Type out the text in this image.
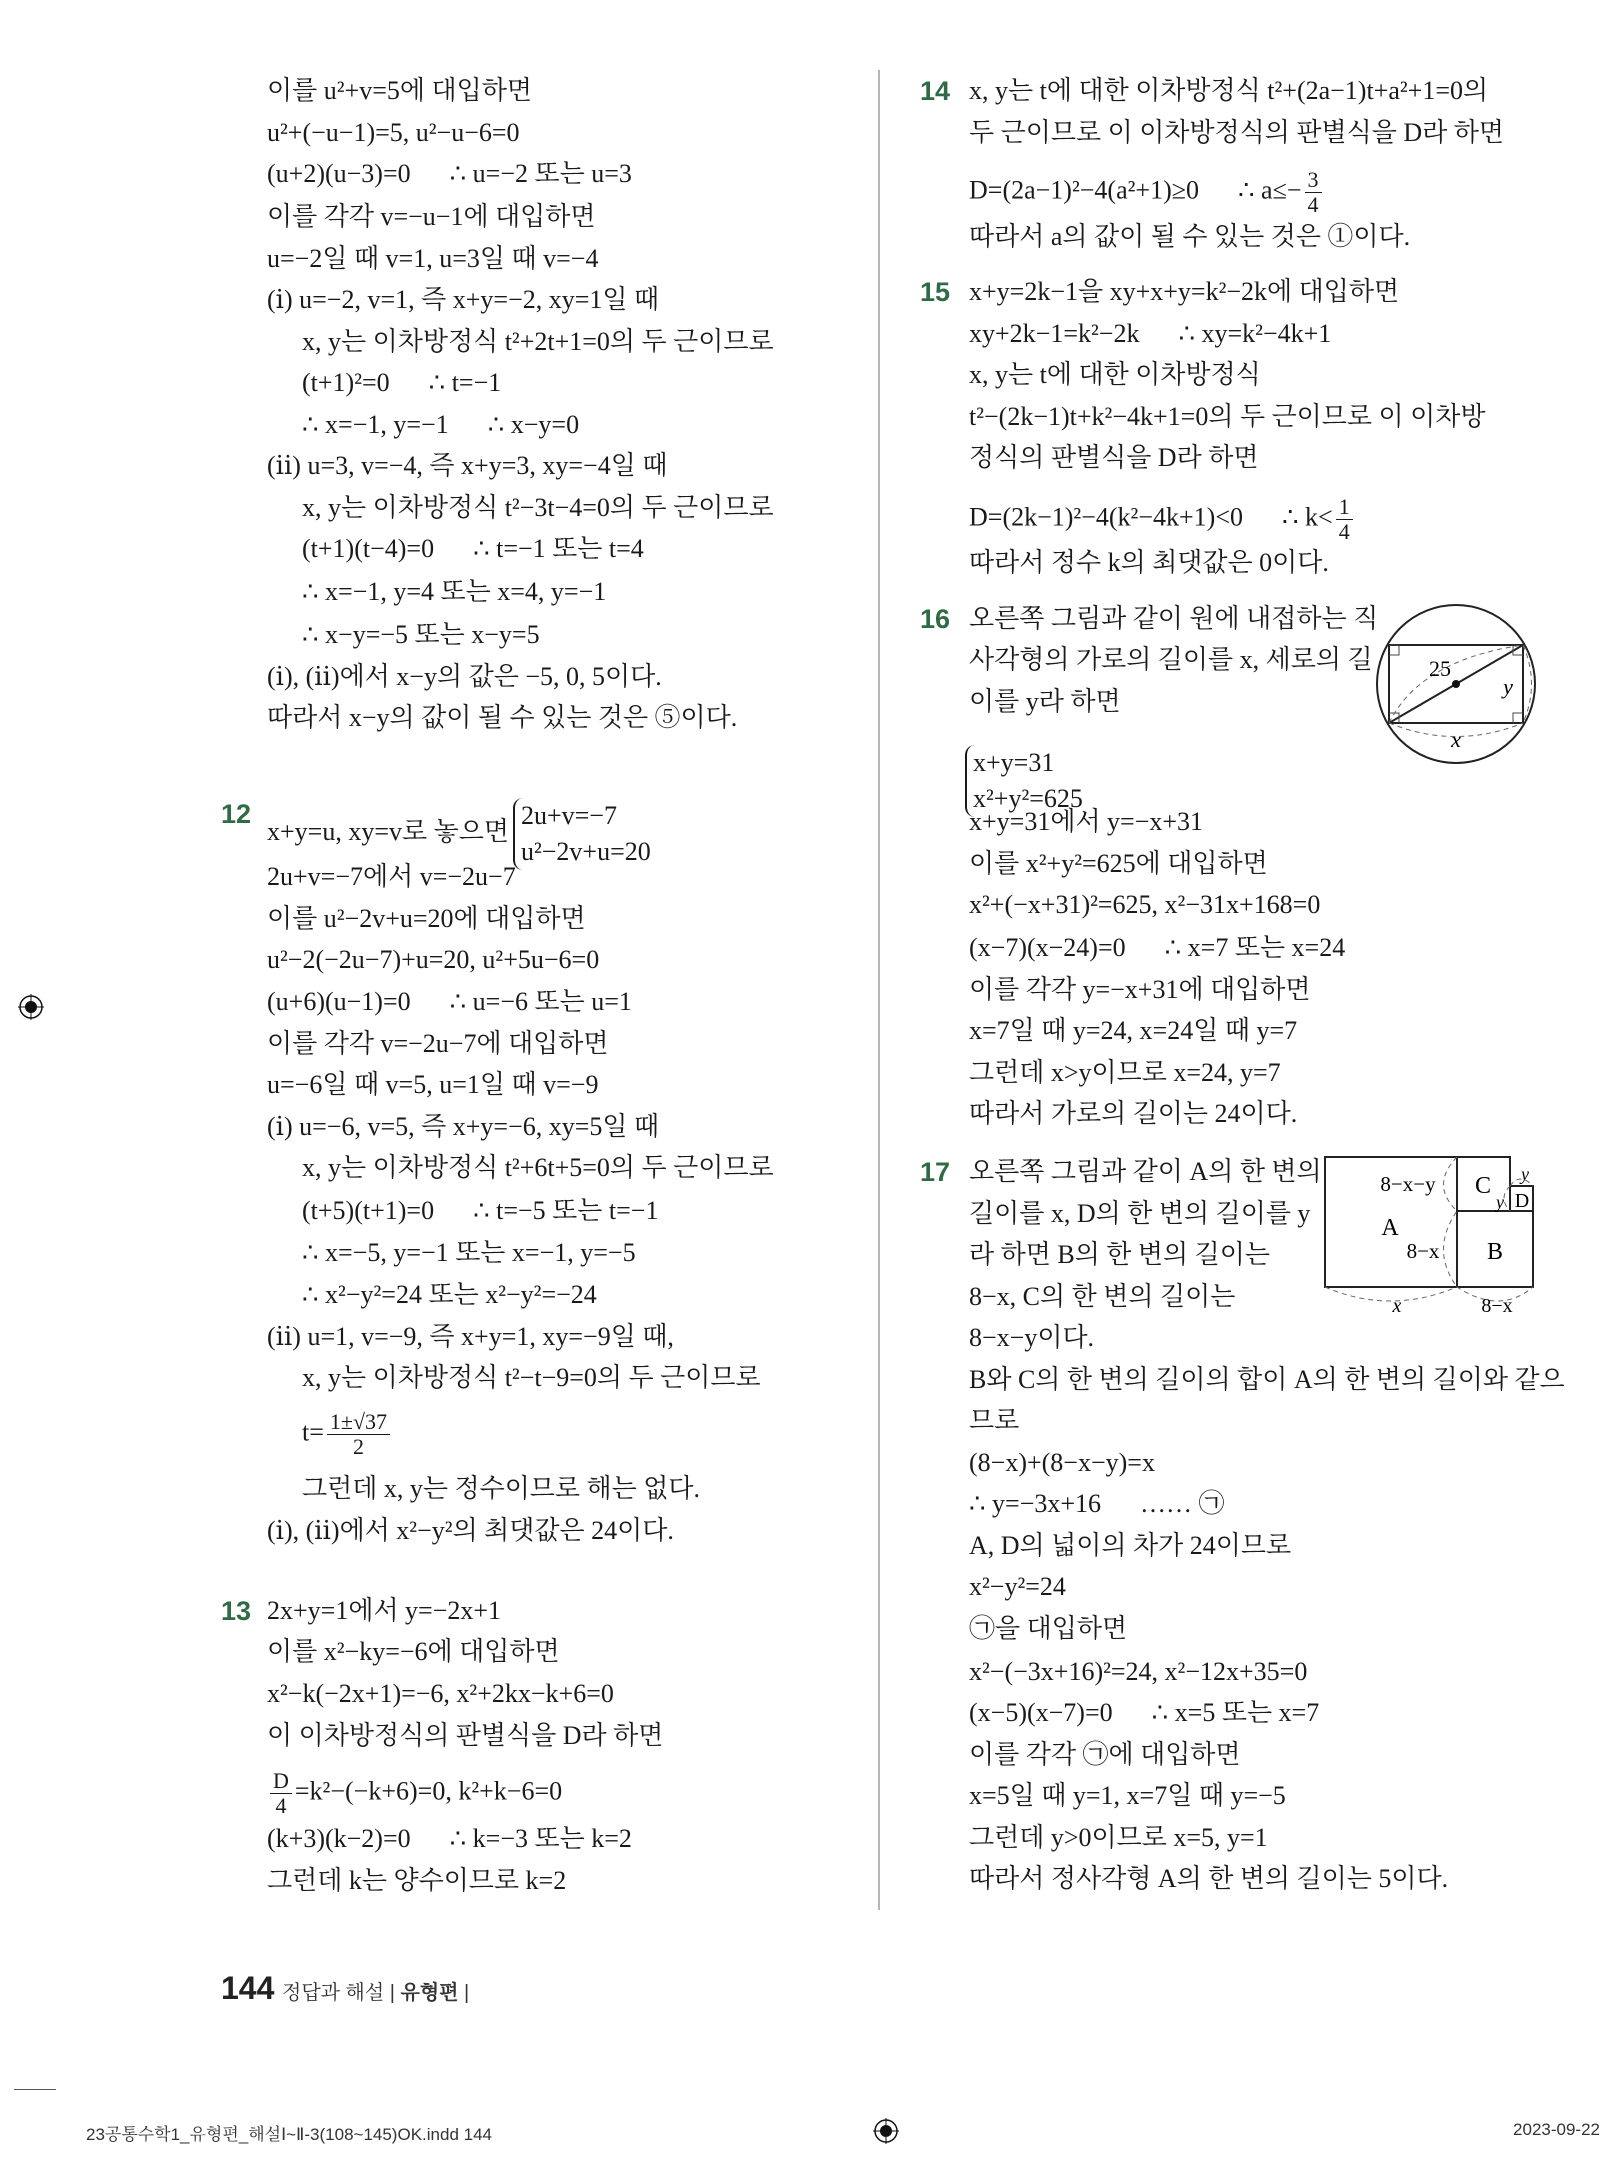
이를 u²+v=5에 대입하면
u²+(−u−1)=5, u²−u−6=0
(u+2)(u−3)=0      ∴ u=−2 또는 u=3
이를 각각 v=−u−1에 대입하면
u=−2일 때 v=1, u=3일 때 v=−4
(ⅰ) u=−2, v=1, 즉 x+y=−2, xy=1일 때
x, y는 이차방정식 t²+2t+1=0의 두 근이므로
(t+1)²=0      ∴ t=−1
∴ x=−1, y=−1      ∴ x−y=0
(ⅱ) u=3, v=−4, 즉 x+y=3, xy=−4일 때
x, y는 이차방정식 t²−3t−4=0의 두 근이므로
(t+1)(t−4)=0      ∴ t=−1 또는 t=4
∴ x=−1, y=4 또는 x=4, y=−1
∴ x−y=−5 또는 x−y=5
(ⅰ), (ⅱ)에서 x−y의 값은 −5, 0, 5이다.
따라서 x−y의 값이 될 수 있는 것은 ⑤이다.
12
x+y=u, xy=v로 놓으면
2u+v=−7
u²−2v+u=20
2u+v=−7에서 v=−2u−7
이를 u²−2v+u=20에 대입하면
u²−2(−2u−7)+u=20, u²+5u−6=0
(u+6)(u−1)=0      ∴ u=−6 또는 u=1
이를 각각 v=−2u−7에 대입하면
u=−6일 때 v=5, u=1일 때 v=−9
(ⅰ) u=−6, v=5, 즉 x+y=−6, xy=5일 때
x, y는 이차방정식 t²+6t+5=0의 두 근이므로
(t+5)(t+1)=0      ∴ t=−5 또는 t=−1
∴ x=−5, y=−1 또는 x=−1, y=−5
∴ x²−y²=24 또는 x²−y²=−24
(ⅱ) u=1, v=−9, 즉 x+y=1, xy=−9일 때,
x, y는 이차방정식 t²−t−9=0의 두 근이므로
$t= \frac{1\pm√37}{2}$
그런데 x, y는 정수이므로 해는 없다.
(ⅰ), (ⅱ)에서 x²−y²의 최댓값은 24이다.
13 2x+y=1에서 y=−2x+1
이를 x²−ky=−6에 대입하면
x²−k(−2x+1)=−6, x²+2kx−k+6=0
이 이차방정식의 판별식을 D라 하면
$\frac{D}{4} =k^2-(-k+6)=0$, k²+k−6=0
(k+3)(k−2)=0      ∴ k=−3 또는 k=2
그런데 k는 양수이므로 k=2
14 x, y는 t에 대한 이차방정식 t²+(2a−1)t+a²+1=0의
두 근이므로 이 이차방정식의 판별식을 D라 하면
D=(2a−1)²−4(a²+1)≥0      ∴ $a\le- \frac{3}{4}$
따라서 a의 값이 될 수 있는 것은 ①이다.
15 x+y=2k−1을 xy+x+y=k²−2k에 대입하면
xy+2k−1=k²−2k      ∴ xy=k²−4k+1
x, y는 t에 대한 이차방정식
t²−(2k−1)t+k²−4k+1=0의 두 근이므로 이 이차방
정식의 판별식을 D라 하면
D=(2k−1)²−4(k²−4k+1)<0      ∴ $k< \frac{1}{4}$
따라서 정수 k의 최댓값은 0이다.
16 오른쪽 그림과 같이 원에 내접하는 직
사각형의 가로의 길이를 x, 세로의 길
이를 y라 하면
x+y=31
x²+y²=625
x+y=31에서 y=−x+31
이를 x²+y²=625에 대입하면
x²+(−x+31)²=625, x²−31x+168=0
(x−7)(x−24)=0      ∴ x=7 또는 x=24
이를 각각 y=−x+31에 대입하면
x=7일 때 y=24, x=24일 때 y=7
그런데 x>y이므로 x=24, y=7
따라서 가로의 길이는 24이다.
17 오른쪽 그림과 같이 A의 한 변의
길이를 x, D의 한 변의 길이를 y
라 하면 B의 한 변의 길이는
8−x, C의 한 변의 길이는
8−x−y이다.
B와 C의 한 변의 길이의 합이 A의 한 변의 길이와 같으
므로
(8−x)+(8−x−y)=x
∴ y=−3x+16      …… ㉠
A, D의 넓이의 차가 24이므로
x²−y²=24
㉠을 대입하면
x²−(−3x+16)²=24, x²−12x+35=0
(x−5)(x−7)=0      ∴ x=5 또는 x=7
이를 각각 ㉠에 대입하면
x=5일 때 y=1, x=7일 때 y=−5
그런데 y>0이므로 x=5, y=1
따라서 정사각형 A의 한 변의 길이는 5이다.
25
y
x
8−x−y C
y
y
D
A
8−x B
x	8−x
144 정답과 해설 | 유형편 |
23공통수학1_유형편_해설Ⅰ~Ⅱ-3(108~145)OK.indd 144	2023-09-22
